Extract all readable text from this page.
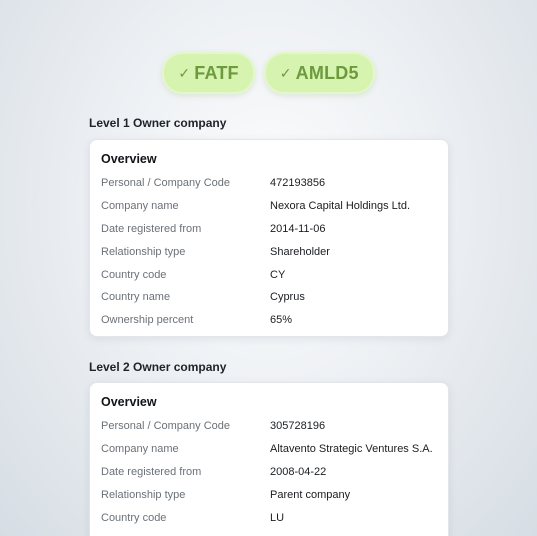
✓ FATF	✓ AMLD5
Level 1 Owner company
Overview
Personal / Company Code	472193856
Company name	Nexora Capital Holdings Ltd.
Date registered from	2014-11-06
Relationship type	Shareholder
Country code	CY
Country name	Cyprus
Ownership percent	65%
Level 2 Owner company
Overview
Personal / Company Code	305728196
Company name	Altavento Strategic Ventures S.A.
Date registered from	2008-04-22
Relationship type	Parent company
Country code	LU
